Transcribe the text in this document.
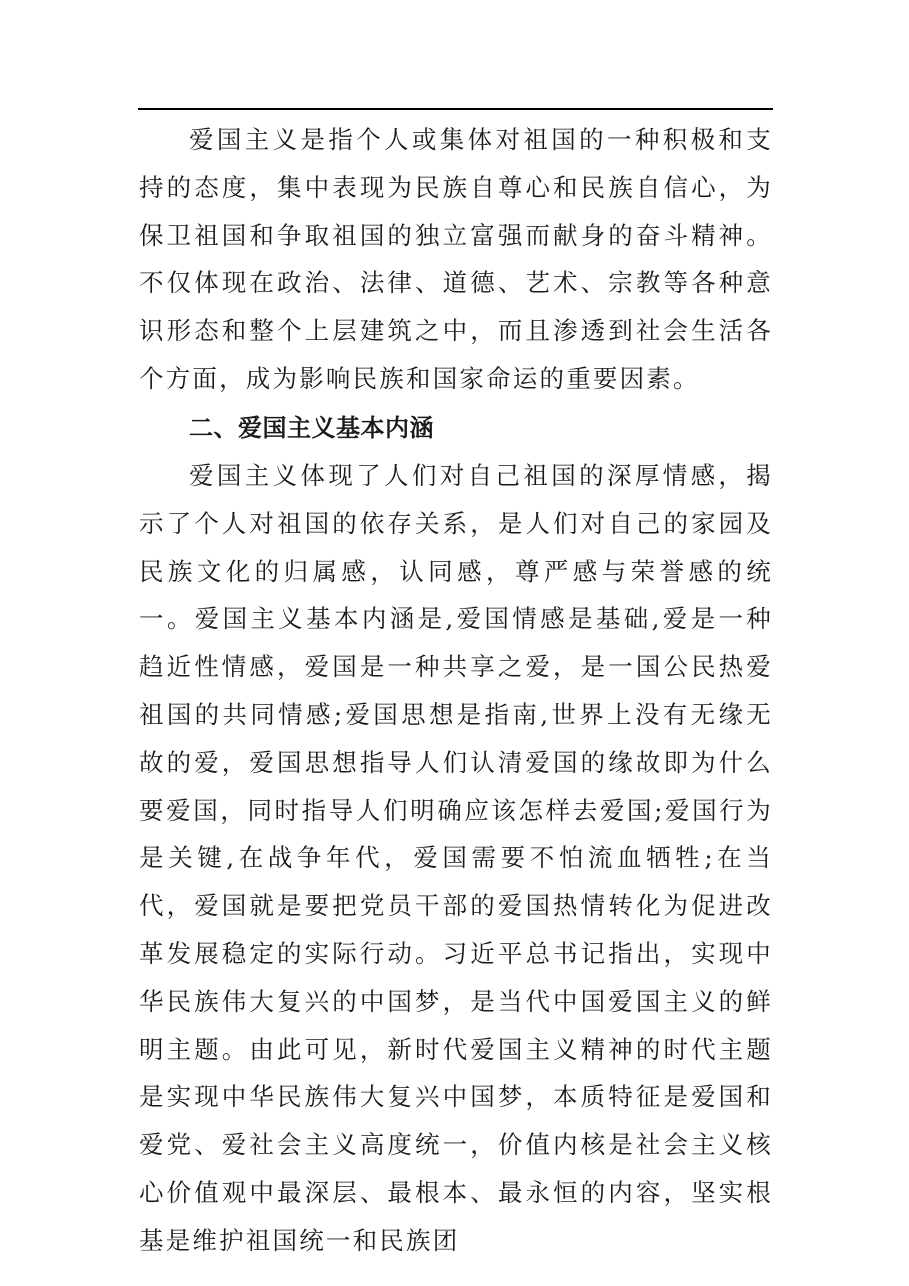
爱国主义是指个人或集体对祖国的一种积极和支持的态度，集中表现为民族自尊心和民族自信心，为保卫祖国和争取祖国的独立富强而献身的奋斗精神。不仅体现在政治、法律、道德、艺术、宗教等各种意识形态和整个上层建筑之中，而且渗透到社会生活各个方面，成为影响民族和国家命运的重要因素。

二、爱国主义基本内涵

爱国主义体现了人们对自己祖国的深厚情感，揭示了个人对祖国的依存关系，是人们对自己的家园及民族文化的归属感，认同感，尊严感与荣誉感的统一。爱国主义基本内涵是,爱国情感是基础,爱是一种趋近性情感，爱国是一种共享之爱，是一国公民热爱祖国的共同情感;爱国思想是指南,世界上没有无缘无故的爱，爱国思想指导人们认清爱国的缘故即为什么要爱国，同时指导人们明确应该怎样去爱国;爱国行为是关键,在战争年代，爱国需要不怕流血牺牲;在当代，爱国就是要把党员干部的爱国热情转化为促进改革发展稳定的实际行动。习近平总书记指出，实现中华民族伟大复兴的中国梦，是当代中国爱国主义的鲜明主题。由此可见，新时代爱国主义精神的时代主题是实现中华民族伟大复兴中国梦，本质特征是爱国和爱党、爱社会主义高度统一，价值内核是社会主义核心价值观中最深层、最根本、最永恒的内容，坚实根基是维护祖国统一和民族团
